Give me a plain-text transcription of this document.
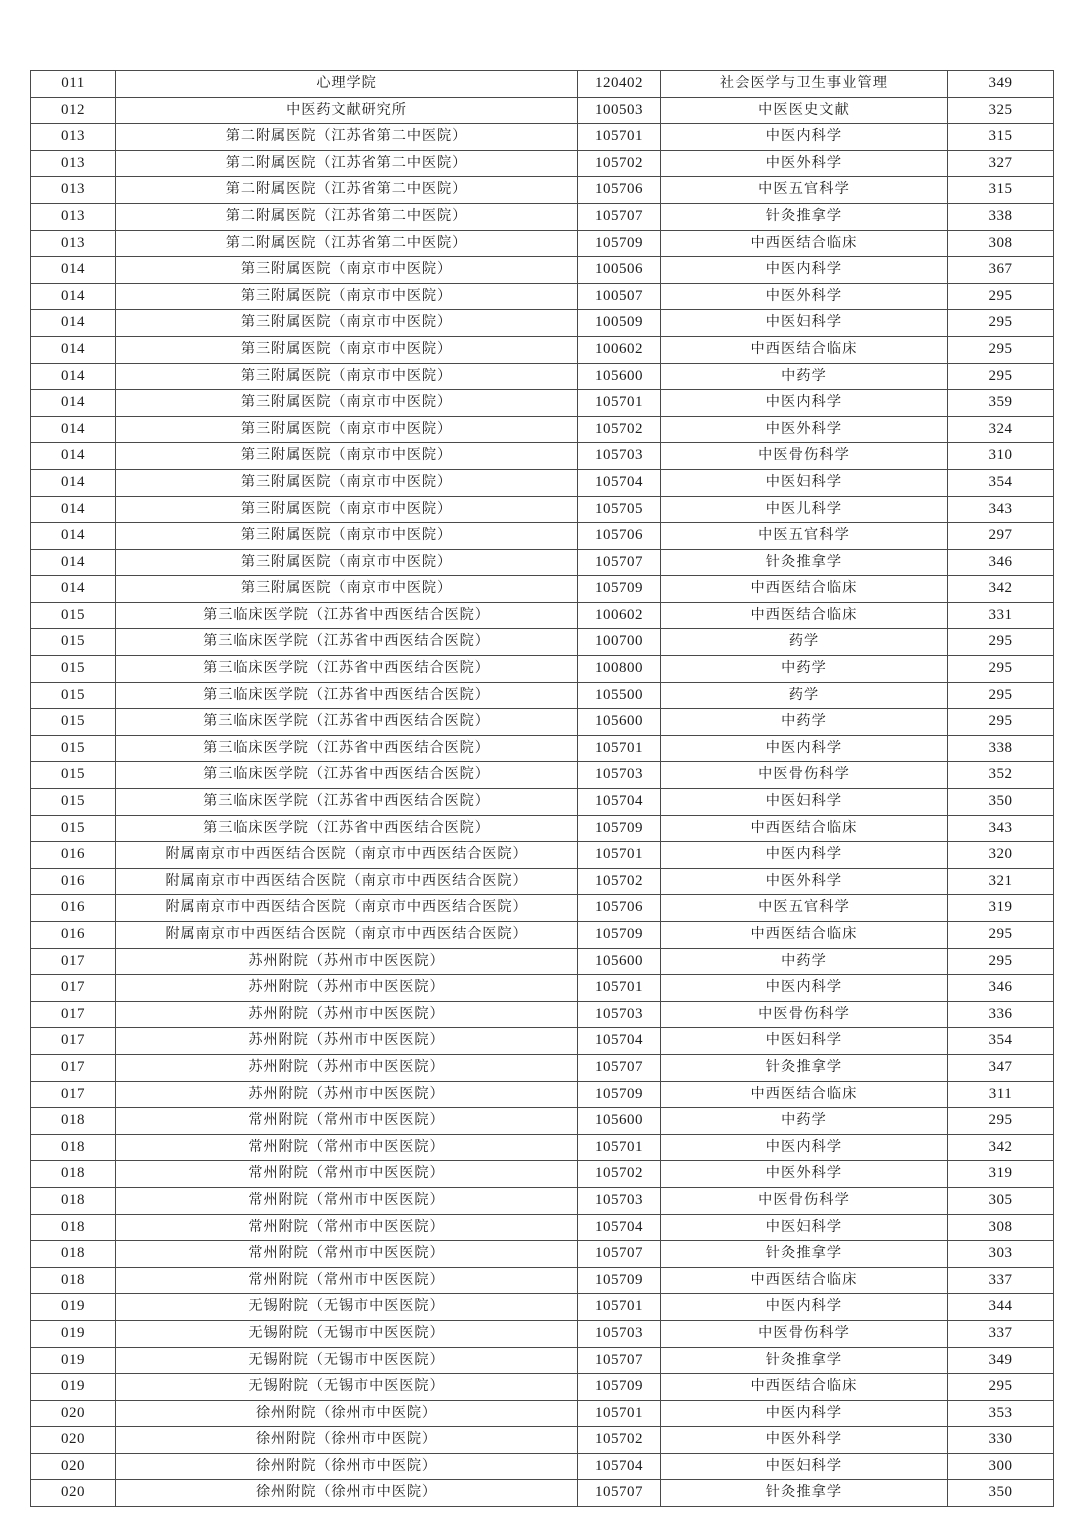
011	心理学院	120402	社会医学与卫生事业管理	349
012	中医药文献研究所	100503	中医医史文献	325
013	第二附属医院（江苏省第二中医院）	105701	中医内科学	315
013	第二附属医院（江苏省第二中医院）	105702	中医外科学	327
013	第二附属医院（江苏省第二中医院）	105706	中医五官科学	315
013	第二附属医院（江苏省第二中医院）	105707	针灸推拿学	338
013	第二附属医院（江苏省第二中医院）	105709	中西医结合临床	308
014	第三附属医院（南京市中医院）	100506	中医内科学	367
014	第三附属医院（南京市中医院）	100507	中医外科学	295
014	第三附属医院（南京市中医院）	100509	中医妇科学	295
014	第三附属医院（南京市中医院）	100602	中西医结合临床	295
014	第三附属医院（南京市中医院）	105600	中药学	295
014	第三附属医院（南京市中医院）	105701	中医内科学	359
014	第三附属医院（南京市中医院）	105702	中医外科学	324
014	第三附属医院（南京市中医院）	105703	中医骨伤科学	310
014	第三附属医院（南京市中医院）	105704	中医妇科学	354
014	第三附属医院（南京市中医院）	105705	中医儿科学	343
014	第三附属医院（南京市中医院）	105706	中医五官科学	297
014	第三附属医院（南京市中医院）	105707	针灸推拿学	346
014	第三附属医院（南京市中医院）	105709	中西医结合临床	342
015	第三临床医学院（江苏省中西医结合医院）	100602	中西医结合临床	331
015	第三临床医学院（江苏省中西医结合医院）	100700	药学	295
015	第三临床医学院（江苏省中西医结合医院）	100800	中药学	295
015	第三临床医学院（江苏省中西医结合医院）	105500	药学	295
015	第三临床医学院（江苏省中西医结合医院）	105600	中药学	295
015	第三临床医学院（江苏省中西医结合医院）	105701	中医内科学	338
015	第三临床医学院（江苏省中西医结合医院）	105703	中医骨伤科学	352
015	第三临床医学院（江苏省中西医结合医院）	105704	中医妇科学	350
015	第三临床医学院（江苏省中西医结合医院）	105709	中西医结合临床	343
016	附属南京市中西医结合医院（南京市中西医结合医院）	105701	中医内科学	320
016	附属南京市中西医结合医院（南京市中西医结合医院）	105702	中医外科学	321
016	附属南京市中西医结合医院（南京市中西医结合医院）	105706	中医五官科学	319
016	附属南京市中西医结合医院（南京市中西医结合医院）	105709	中西医结合临床	295
017	苏州附院（苏州市中医医院）	105600	中药学	295
017	苏州附院（苏州市中医医院）	105701	中医内科学	346
017	苏州附院（苏州市中医医院）	105703	中医骨伤科学	336
017	苏州附院（苏州市中医医院）	105704	中医妇科学	354
017	苏州附院（苏州市中医医院）	105707	针灸推拿学	347
017	苏州附院（苏州市中医医院）	105709	中西医结合临床	311
018	常州附院（常州市中医医院）	105600	中药学	295
018	常州附院（常州市中医医院）	105701	中医内科学	342
018	常州附院（常州市中医医院）	105702	中医外科学	319
018	常州附院（常州市中医医院）	105703	中医骨伤科学	305
018	常州附院（常州市中医医院）	105704	中医妇科学	308
018	常州附院（常州市中医医院）	105707	针灸推拿学	303
018	常州附院（常州市中医医院）	105709	中西医结合临床	337
019	无锡附院（无锡市中医医院）	105701	中医内科学	344
019	无锡附院（无锡市中医医院）	105703	中医骨伤科学	337
019	无锡附院（无锡市中医医院）	105707	针灸推拿学	349
019	无锡附院（无锡市中医医院）	105709	中西医结合临床	295
020	徐州附院（徐州市中医院）	105701	中医内科学	353
020	徐州附院（徐州市中医院）	105702	中医外科学	330
020	徐州附院（徐州市中医院）	105704	中医妇科学	300
020	徐州附院（徐州市中医院）	105707	针灸推拿学	350
